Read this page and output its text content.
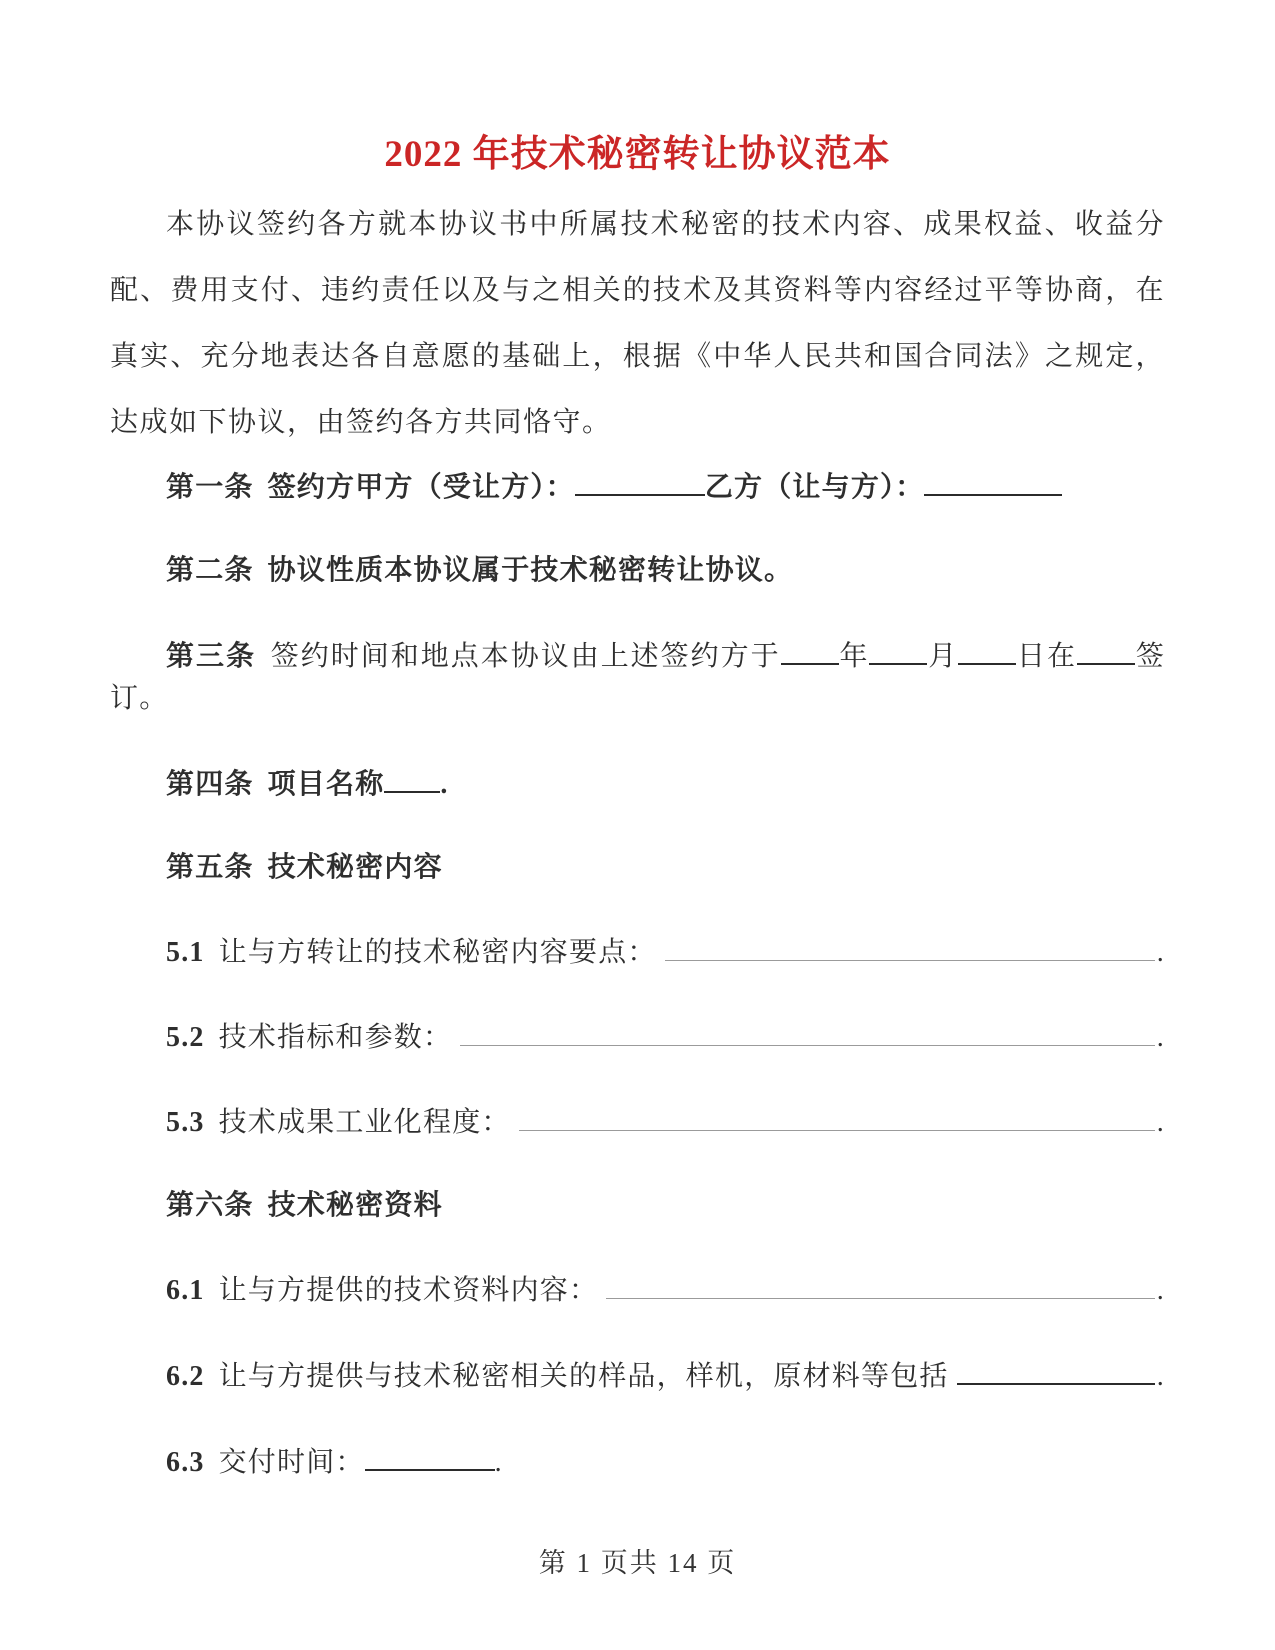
2022 年技术秘密转让协议范本
本协议签约各方就本协议书中所属技术秘密的技术内容、成果权益、收益分
配、费用支付、违约责任以及与之相关的技术及其资料等内容经过平等协商，在
真实、充分地表达各自意愿的基础上，根据《中华人民共和国合同法》之规定，
达成如下协议，由签约各方共同恪守。

第一条 签约方甲方（受让方）：	乙方（让与方）：

第二条 协议性质本协议属于技术秘密转让协议。

第三条 签约时间和地点本协议由上述签约方于 年 月 日在 签
订。

第四条 项目名称 .

第五条 技术秘密内容

5.1 让与方转让的技术秘密内容要点：	.

5.2 技术指标和参数：	.

5.3 技术成果工业化程度：	.

第六条 技术秘密资料

6.1 让与方提供的技术资料内容：	.

6.2 让与方提供与技术秘密相关的样品，样机，原材料等包括	.

6.3 交付时间：	.

第 1 页共 14 页
